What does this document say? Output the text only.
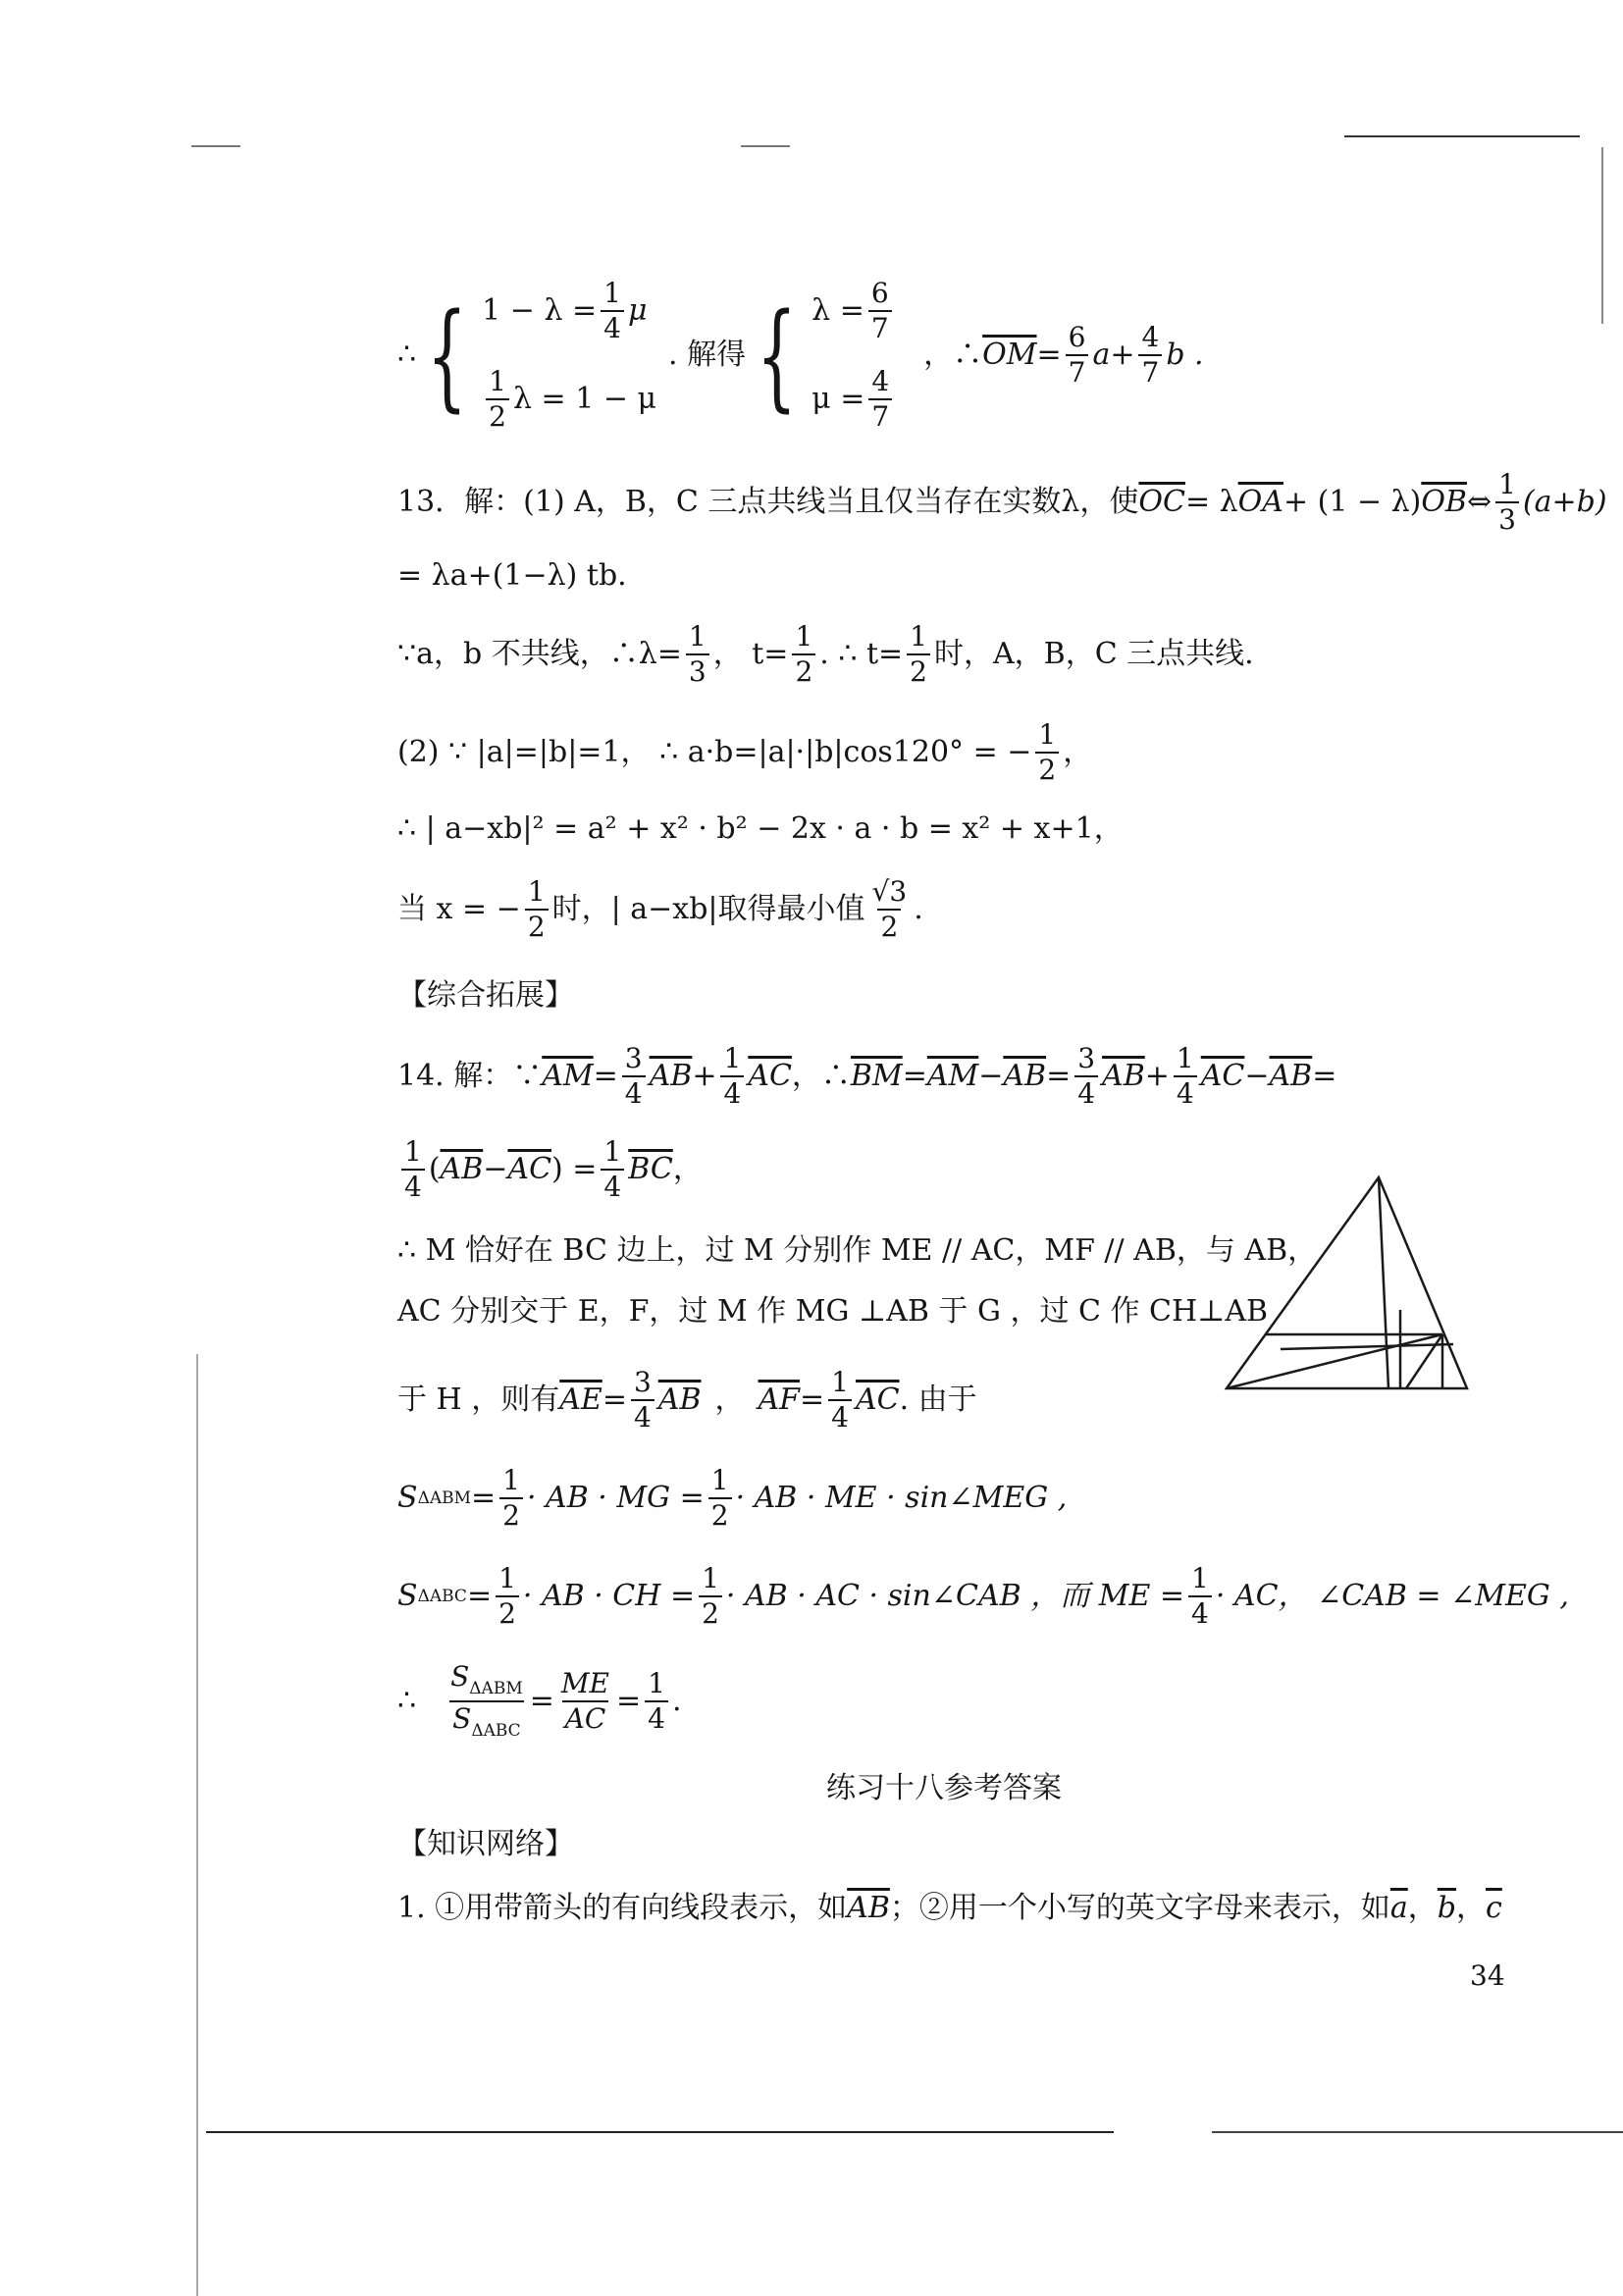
∴ { $1 - \lambda = \frac{1}{4}$ μ
$\frac{1}{2}$ λ = 1 − μ
. 解得 { $\lambda = \frac{6}{7}$
$\mu = \frac{4}{7}$
，∴ $\overline{OM} = \frac{6}{7} a+ \frac{4}{7}$ b .
13．解：(1) A，B，C 三点共线当且仅当存在实数λ，使 $\overline{OC} = \lambda$ $\overline{OA} + (1 - \lambda)$ $\overline{OB}$ ⇔ $\frac{1}{3} (a+b)$
= λa+(1−λ) tb.
∵a，b 不共线，∴λ= $\frac{1}{3}$ ， $t= \frac{1}{2}$ . ∴ $t= \frac{1}{2}$ 时，A，B，C 三点共线.
(2) ∵ |a|=|b|=1， ∴ a·b=|a|·|b|cos120° = − $\frac{1}{2}$ ，
∴ | a−xb|² = a² + x² · b² − 2x · a · b = x² + x+1，
当 x = − $\frac{1}{2}$ 时，| a−xb|取得最小值 $\frac{√3}{2}$ .
【综合拓展】
14. 解：∵ $\overline{AM} = \frac{3}{4} \overline{AB} + \frac{1}{4} \overline{AC}$ ，∴ $\overline{BM} = \overline{AM} - \overline{AB} = \frac{3}{4} \overline{AB} + \frac{1}{4} \overline{AC} - \overline{AB}$ =
$\frac{1}{4}$ ( $\overline{AB} - \overline{AC}$ ) = $\frac{1}{4} \overline{BC}$ ，
∴ M 恰好在 BC 边上，过 M 分别作 ME // AC，MF // AB，与 AB，
AC 分别交于 E，F，过 M 作 MG ⊥AB 于 G ，过 C 作 CH⊥AB
于 H ，则有 $\overline{AE} = \frac{3}{4} \overline{AB}$ ， $\overline{AF} = \frac{1}{4} \overline{AC}$ . 由于
S $\Delta ABM = \frac{1}{2}$ · AB · MG = $\frac{1}{2}$ · AB · ME · sin∠MEG ,
S $\Delta ABC = \frac{1}{2}$ · AB · CH = $\frac{1}{2}$ · AB · AC · sin∠CAB ，而 ME = $\frac{1}{4}$ · AC， ∠CAB = ∠MEG ,
∴ $\frac{S_{\Delta ABM}}{S_{\Delta ABC}} = \frac{ME}{AC} = \frac{1}{4}$ .
练习十八参考答案
【知识网络】
1. ①用带箭头的有向线段表示，如 $\overline{AB}$ ；②用一个小写的英文字母来表示，如 $\overline{a}$ ， $\overline{b}$ ， $\overline{c}$
34
